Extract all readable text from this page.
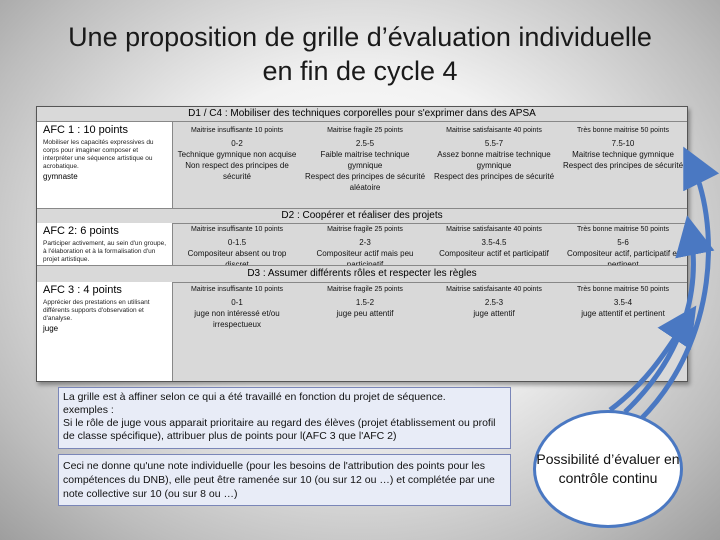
Une proposition de grille d’évaluation individuelle
en fin de cycle 4
D1 / C4 : Mobiliser des techniques corporelles pour s'exprimer dans des APSA
AFC 1 : 10 points
Mobiliser les capacités expressives du corps pour imaginer composer et interpréter une séquence artistique ou acrobatique.
gymnaste
Maitrise insuffisante 10 points
0-2
Technique gymnique non acquise
Non respect des principes de sécurité
Maitrise fragile 25 points
2.5-5
Faible maitrise technique gymnique
Respect des principes de sécurité aléatoire
Maitrise satisfaisante 40 points
5.5-7
Assez bonne maitrise technique gymnique
Respect des principes de sécurité
Très bonne maitrise 50 points
7.5-10
Maitrise technique gymnique
Respect des principes de sécurité
D2 : Coopérer et réaliser des projets
AFC 2: 6 points
Participer activement, au sein d'un groupe, à l'élaboration et à la formalisation d'un projet artistique.
Maitrise insuffisante 10 points
0-1.5
Compositeur absent ou trop
Maitrise fragile 25 points
2-3
Compositeur actif mais peu
Maitrise satisfaisante 40 points
3.5-4.5
Compositeur actif et participatif
Très bonne maitrise 50 points
5-6
Compositeur actif, participatif et
D3 : Assumer différents rôles et respecter les règles
AFC 3 : 4 points
Apprécier des prestations en utilisant différents supports d'observation et d'analyse.
juge
Maitrise insuffisante 10 points
0-1
juge non intéressé et/ou irrespectueux
Maitrise fragile 25 points
1.5-2
juge peu attentif
Maitrise satisfaisante 40 points
2.5-3
juge attentif
Très bonne maitrise 50 points
3.5-4
juge attentif et pertinent
La grille est à affiner selon ce qui a été travaillé en fonction du projet de séquence.
exemples :
Si le rôle de juge vous apparait prioritaire au regard des élèves (projet établissement ou profil de classe spécifique), attribuer plus de points pour l(AFC 3 que l'AFC 2)
Ceci ne donne qu'une note individuelle (pour les besoins de l'attribution des points pour les compétences du DNB), elle peut être ramenée sur 10 (ou sur 12 ou …) et complétée par une note collective sur 10 (ou sur 8 ou …)
Possibilité d’évaluer en contrôle continu
